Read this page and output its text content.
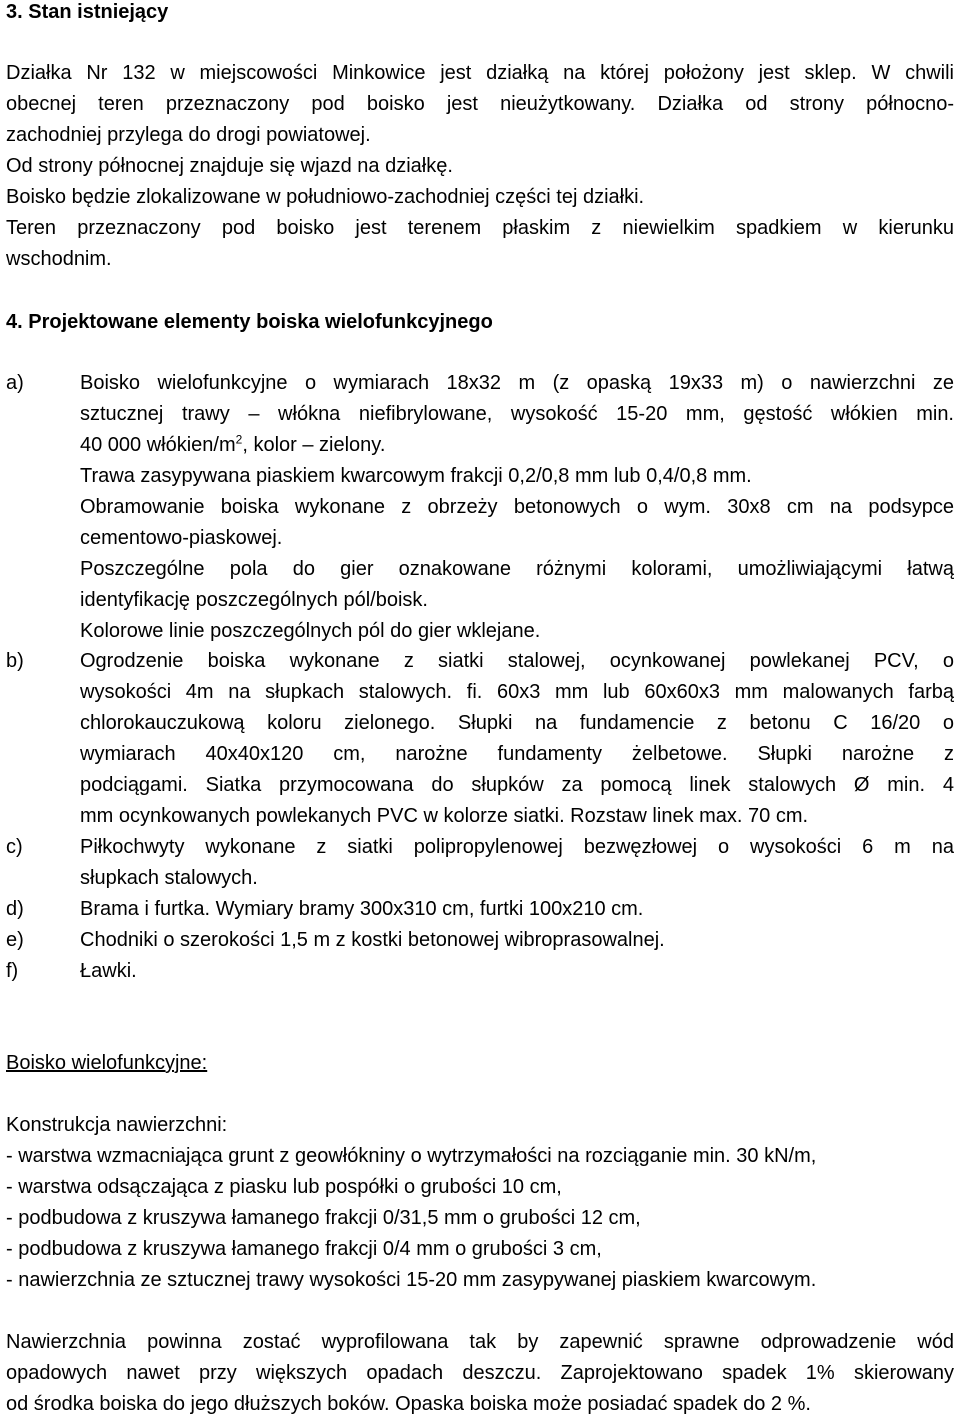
3. Stan istniejący
Działka Nr 132 w miejscowości Minkowice jest działką na której położony jest sklep. W chwili
obecnej teren przeznaczony pod boisko jest nieużytkowany. Działka od strony północno-
zachodniej przylega do drogi powiatowej.
Od strony północnej znajduje się wjazd na działkę.
Boisko będzie zlokalizowane w południowo-zachodniej części tej działki.
Teren przeznaczony pod boisko jest terenem płaskim z niewielkim spadkiem w kierunku
wschodnim.
4. Projektowane elementy boiska wielofunkcyjnego
a)	Boisko wielofunkcyjne o wymiarach 18x32 m (z opaską 19x33 m) o nawierzchni ze
sztucznej trawy – włókna niefibrylowane, wysokość 15-20 mm, gęstość włókien min.
40 000 włókien/$m^2$, kolor – zielony.
Trawa zasypywana piaskiem kwarcowym frakcji 0,2/0,8 mm lub 0,4/0,8 mm.
Obramowanie boiska wykonane z obrzeży betonowych o wym. 30x8 cm na podsypce
cementowo-piaskowej.
Poszczególne pola do gier oznakowane różnymi kolorami, umożliwiającymi łatwą
identyfikację poszczególnych pól/boisk.
Kolorowe linie poszczególnych pól do gier wklejane.
b)	Ogrodzenie boiska wykonane z siatki stalowej, ocynkowanej powlekanej PCV, o
wysokości 4m na słupkach stalowych. fi. 60x3 mm lub 60x60x3 mm malowanych farbą
chlorokauczukową koloru zielonego. Słupki na fundamencie z betonu C 16/20 o
wymiarach 40x40x120 cm, narożne fundamenty żelbetowe. Słupki narożne z
podciągami. Siatka przymocowana do słupków za pomocą linek stalowych Ø min. 4
mm ocynkowanych powlekanych PVC w kolorze siatki. Rozstaw linek max. 70 cm.
c)	Piłkochwyty wykonane z siatki polipropylenowej bezwęzłowej o wysokości 6 m na
słupkach stalowych.
d)	Brama i furtka. Wymiary bramy 300x310 cm, furtki 100x210 cm.
e)	Chodniki o szerokości 1,5 m z kostki betonowej wibroprasowalnej.
f)	Ławki.
Boisko wielofunkcyjne:
Konstrukcja nawierzchni:
- warstwa wzmacniająca grunt z geowłókniny o wytrzymałości na rozciąganie min. 30 kN/m,
- warstwa odsączająca z piasku lub pospółki o grubości 10 cm,
- podbudowa z kruszywa łamanego frakcji 0/31,5 mm o grubości 12 cm,
- podbudowa z kruszywa łamanego frakcji 0/4 mm o grubości 3 cm,
- nawierzchnia ze sztucznej trawy wysokości 15-20 mm zasypywanej piaskiem kwarcowym.
Nawierzchnia powinna zostać wyprofilowana tak by zapewnić sprawne odprowadzenie wód
opadowych nawet przy większych opadach deszczu. Zaprojektowano spadek 1% skierowany
od środka boiska do jego dłuższych boków. Opaska boiska może posiadać spadek do 2 %.
